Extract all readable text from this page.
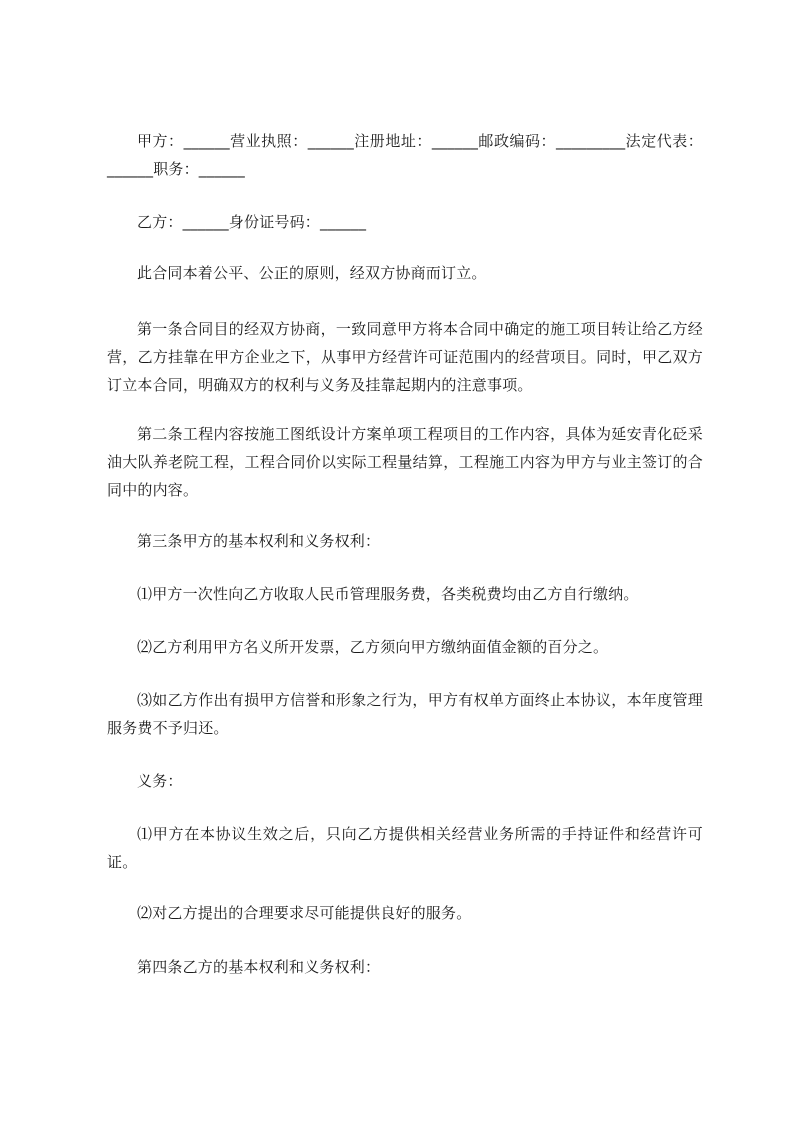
甲方：______营业执照：______注册地址：______邮政编码：_________法定代表：______职务：______

乙方：______身份证号码：______

此合同本着公平、公正的原则，经双方协商而订立。

第一条合同目的经双方协商，一致同意甲方将本合同中确定的施工项目转让给乙方经营，乙方挂靠在甲方企业之下，从事甲方经营许可证范围内的经营项目。同时，甲乙双方订立本合同，明确双方的权利与义务及挂靠起期内的注意事项。

第二条工程内容按施工图纸设计方案单项工程项目的工作内容，具体为延安青化砭采油大队养老院工程，工程合同价以实际工程量结算，工程施工内容为甲方与业主签订的合同中的内容。

第三条甲方的基本权利和义务权利：

⑴甲方一次性向乙方收取人民币管理服务费，各类税费均由乙方自行缴纳。

⑵乙方利用甲方名义所开发票，乙方须向甲方缴纳面值金额的百分之。

⑶如乙方作出有损甲方信誉和形象之行为，甲方有权单方面终止本协议，本年度管理服务费不予归还。

义务：

⑴甲方在本协议生效之后，只向乙方提供相关经营业务所需的手持证件和经营许可证。

⑵对乙方提出的合理要求尽可能提供良好的服务。

第四条乙方的基本权利和义务权利：
